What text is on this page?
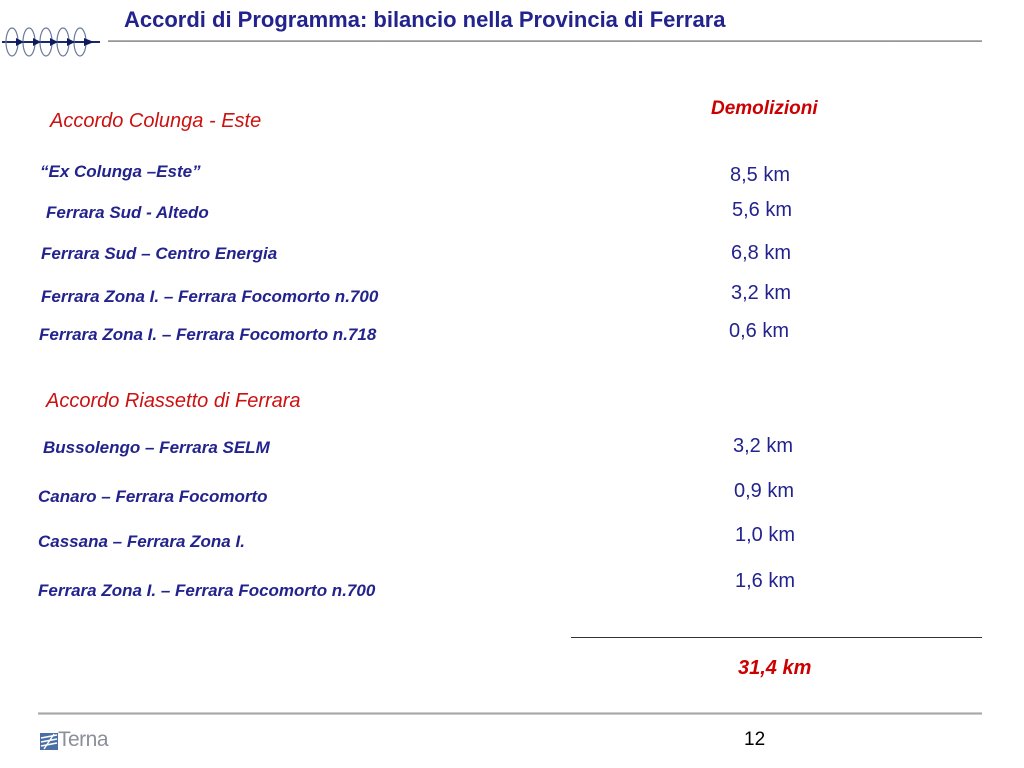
Accordi di Programma: bilancio nella Provincia di Ferrara
Demolizioni
Accordo Colunga - Este
“Ex Colunga –Este”	8,5 km
Ferrara Sud - Altedo	5,6 km
Ferrara Sud – Centro Energia	6,8 km
Ferrara Zona I. – Ferrara Focomorto n.700	3,2 km
Ferrara Zona I. – Ferrara Focomorto n.718	0,6 km
Accordo Riassetto di Ferrara
Bussolengo – Ferrara SELM	3,2 km
Canaro – Ferrara Focomorto	0,9 km
Cassana – Ferrara Zona I.	1,0 km
Ferrara Zona I. – Ferrara Focomorto n.700	1,6 km
31,4 km
Terna	12
